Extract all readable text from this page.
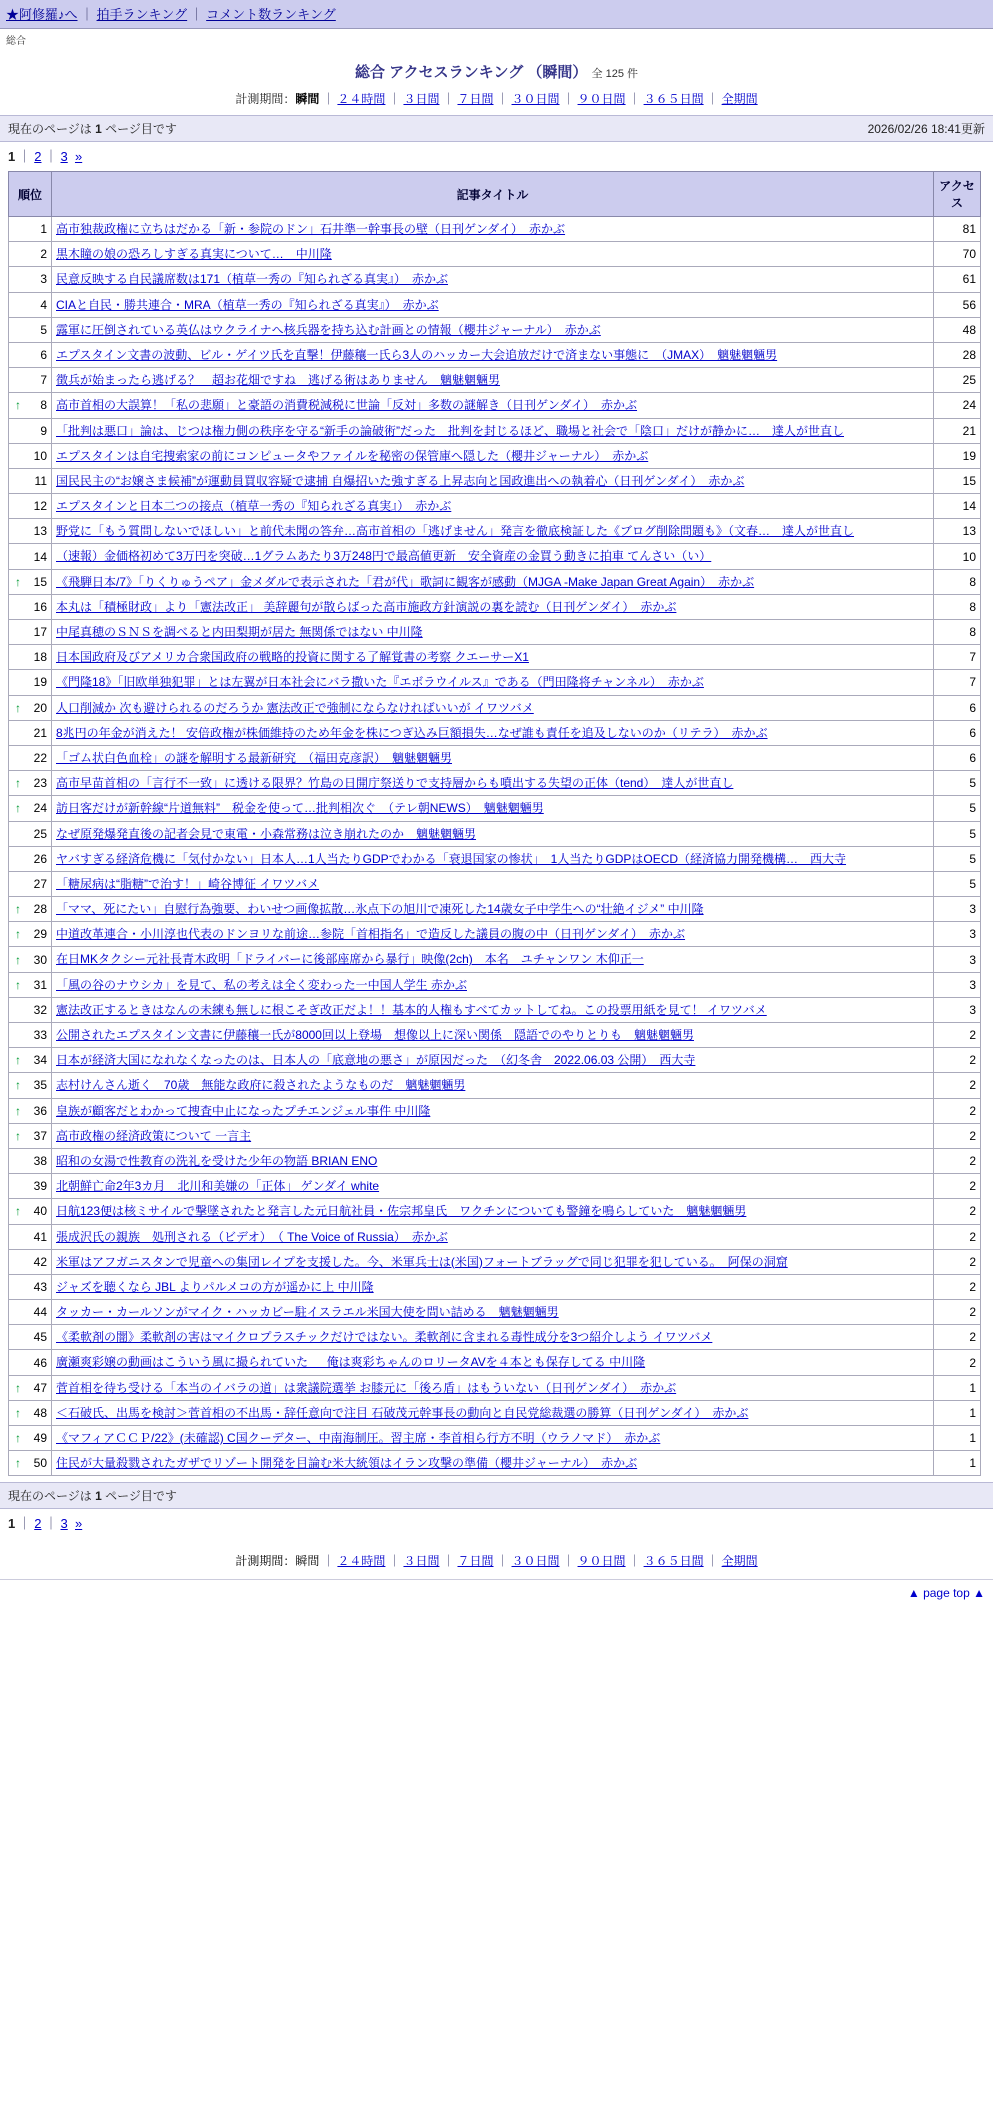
★阿修羅♪へ ｜ 拍手ランキング ｜ コメント数ランキング
総合
総合 アクセスランキング （瞬間） 全 125 件
計測期間：瞬間 ｜ ２４時間 ｜ ３日間 ｜ ７日間 ｜ ３０日間 ｜ ９０日間 ｜ ３６５日間 ｜ 全期間
現在のページは 1 ページ目です	2026/02/26 18:41更新
1 ｜ 2 ｜ 3 »
順位	記事タイトル	アクセス
1	高市独裁政権に立ちはだかる「新・参院のドン」石井準一幹事長の壁（日刊ゲンダイ）　赤かぶ	81
2	黒木瞳の娘の恐ろしすぎる真実について…　中川隆	70
3	民意反映する自民議席数は171（植草一秀の『知られざる真実』）　赤かぶ	61
4	CIAと自民・勝共連合・MRA（植草一秀の『知られざる真実』）　赤かぶ	56
5	露軍に圧倒されている英仏はウクライナへ核兵器を持ち込む計画との情報（櫻井ジャーナル）　赤かぶ	48
6	エプスタイン文書の波動、ビル・ゲイツ氏を直撃！伊藤穰一氏ら3人のハッカー大会追放だけで済まない事態に　（JMAX）　魑魅魍魎男	28
7	徴兵が始まったら逃げる？　超お花畑ですね　逃げる術はありません　魑魅魍魎男	25

↑ 8	高市首相の大誤算！「私の悲願」と豪語の消費税減税に世論「反対」多数の謎解き（日刊ゲンダイ）　赤かぶ	24
9	「批判は悪口」論は、じつは権力側の秩序を守る“新手の論破術”だった　批判を封じるほど、職場と社会で「陰口」だけが静かに…　達人が世直し	21
10	エプスタインは自宅捜索家の前にコンピュータやファイルを秘密の保管庫へ隠した（櫻井ジャーナル）　赤かぶ	19
11	国民民主の“お嬢さま候補”が運動員買収容疑で逮捕 自爆招いた強すぎる上昇志向と国政進出への執着心（日刊ゲンダイ）　赤かぶ	15
12	エプスタインと日本二つの接点（植草一秀の『知られざる真実』）　赤かぶ	14
13	野党に「もう質問しないでほしい」と前代未聞の答弁…高市首相の「逃げません」発言を徹底検証した《ブログ削除問題も》（文春…　達人が世直し	13
14	（速報）金価格初めて3万円を突破…1グラムあたり3万248円で最高値更新　安全資産の金買う動きに拍車 てんさい（い）	10

↑ 15	《飛騨日本/7》「りくりゅうペア」金メダルで表示された「君が代」歌詞に観客が感動（MJGA -Make Japan Great Again）　赤かぶ	8
16	本丸は「積極財政」より「憲法改正」 美辞麗句が散らばった高市施政方針演説の裏を読む（日刊ゲンダイ）　赤かぶ	8
17	中尾真穂のＳＮＳを調べると内田梨期が居た 無関係ではない 中川隆	8
18	日本国政府及びアメリカ合衆国政府の戦略的投資に関する了解覚書の考察 クエーサーX1	7
19	《門隆18》「旧欧単独犯罪」とは左翼が日本社会にバラ撒いた『エボラウイルス』である（門田隆将チャンネル）　赤かぶ	7

↑ 20	人口削減か 次も避けられるのだろうか 憲法改正で強制にならなければいいが イワツバメ	6
21	8兆円の年金が消えた！ 安倍政権が株価維持のため年金を株につぎ込み巨額損失…なぜ誰も責任を追及しないのか（リテラ）　赤かぶ	6
22	「ゴム状白色血栓」の謎を解明する最新研究　（福田克彦訳）　魑魅魍魎男	6

↑ 23	高市早苗首相の「言行不一致」に透ける限界？竹島の日開庁祭送りで支持層からも噴出する失望の正体（tend）　達人が世直し	5

↑ 24	訪日客だけが新幹線“片道無料”　税金を使って…批判相次ぐ　（テレ朝NEWS）　魑魅魍魎男	5
25	なぜ原発爆発直後の記者会見で東電・小森常務は泣き崩れたのか　魑魅魍魎男	5
26	ヤバすぎる経済危機に「気付かない」日本人…1人当たりGDPでわかる「衰退国家の惨状」　1人当たりGDPはOECD（経済協力開発機構…　西大寺	5
27	「糖尿病は“脂糖”で治す！」崎谷博征 イワツバメ	5

↑ 28	「ママ、死にたい」自慰行為強要、わいせつ画像拡散…氷点下の旭川で凍死した14歳女子中学生への“壮絶イジメ” 中川隆	3

↑ 29	中道改革連合・小川淳也代表のドンヨリな前途…参院「首相指名」で造反した議員の腹の中（日刊ゲンダイ）　赤かぶ	3

↑ 30	在日MKタクシー元社長青木政明「ドライバーに後部座席から暴行」映像(2ch)　本名　ユチャンワン 木仰正一	3

↑ 31	「風の谷のナウシカ」を見て、私の考えは全く変わった一中国人学生 赤かぶ	3
32	憲法改正するときはなんの未練も無しに根こそぎ改正だよ！！基本的人権もすべてカットしてね。この投票用紙を見て！ イワツバメ	3
33	公開されたエプスタイン文書に伊藤穰一氏が8000回以上登場　想像以上に深い関係　隠語でのやりとりも　魑魅魍魎男	2

↑ 34	日本が経済大国になれなくなったのは、日本人の「底意地の悪さ」が原因だった　（幻冬舎　2022.06.03 公開）　西大寺	2

↑ 35	志村けんさん逝く　70歳　無能な政府に殺されたようなものだ　魑魅魍魎男	2

↑ 36	皇族が顧客だとわかって捜査中止になったプチエンジェル事件 中川隆	2

↑ 37	高市政権の経済政策について 一言主	2
38	昭和の女湯で性教育の洗礼を受けた少年の物語 BRIAN ENO	2
39	北朝鮮亡命2年3カ月　北川和美嫌の「正体」 ゲンダイ white	2

↑ 40	日航123便は核ミサイルで撃墜されたと発言した元日航社員・佐宗邦皇氏　ワクチンについても警鐘を鳴らしていた　魑魅魍魎男	2
41	張成沢氏の親族　処刑される（ビデオ）　（ The Voice of Russia）　赤かぶ	2
42	米軍はアフガニスタンで児童への集団レイプを支援した。今、米軍兵士は(米国)フォートブラッグで同じ犯罪を犯している。　阿保の洞窟	2
43	ジャズを聴くなら JBL よりパルメコの方が遥かに上 中川隆	2
44	タッカー・カールソンがマイク・ハッカビー駐イスラエル米国大使を問い詰める　魑魅魍魎男	2
45	《柔軟剤の闇》柔軟剤の害はマイクロプラスチックだけではない。柔軟剤に含まれる毒性成分を3つ紹介しよう イワツバメ	2
46	廣瀬爽彩嬢の動画はこういう風に撮られていた ＿ 俺は爽彩ちゃんのロリータAVを４本とも保存してる 中川隆	2

↑ 47	菅首相を待ち受ける「本当のイバラの道」は衆議院選挙 お膝元に「後ろ盾」はもういない（日刊ゲンダイ）　赤かぶ	1

↑ 48	＜石破氏、出馬を検討＞菅首相の不出馬・辞任意向で注目 石破茂元幹事長の動向と自民党総裁選の勝算（日刊ゲンダイ）　赤かぶ	1

↑ 49	《マフィアＣＣＰ/22》(未確認) C国クーデター、中南海制圧。習主席・李首相ら行方不明（ウラノマド）　赤かぶ	1

↑ 50	住民が大量殺戮されたガザでリゾート開発を目論む米大統領はイラン攻撃の準備（櫻井ジャーナル）　赤かぶ	1
現在のページは 1 ページ目です
1 ｜ 2 ｜ 3 »
計測期間：瞬間 ｜ ２４時間 ｜ ３日間 ｜ ７日間 ｜ ３０日間 ｜ ９０日間 ｜ ３６５日間 ｜ 全期間
▲ page top ▲
